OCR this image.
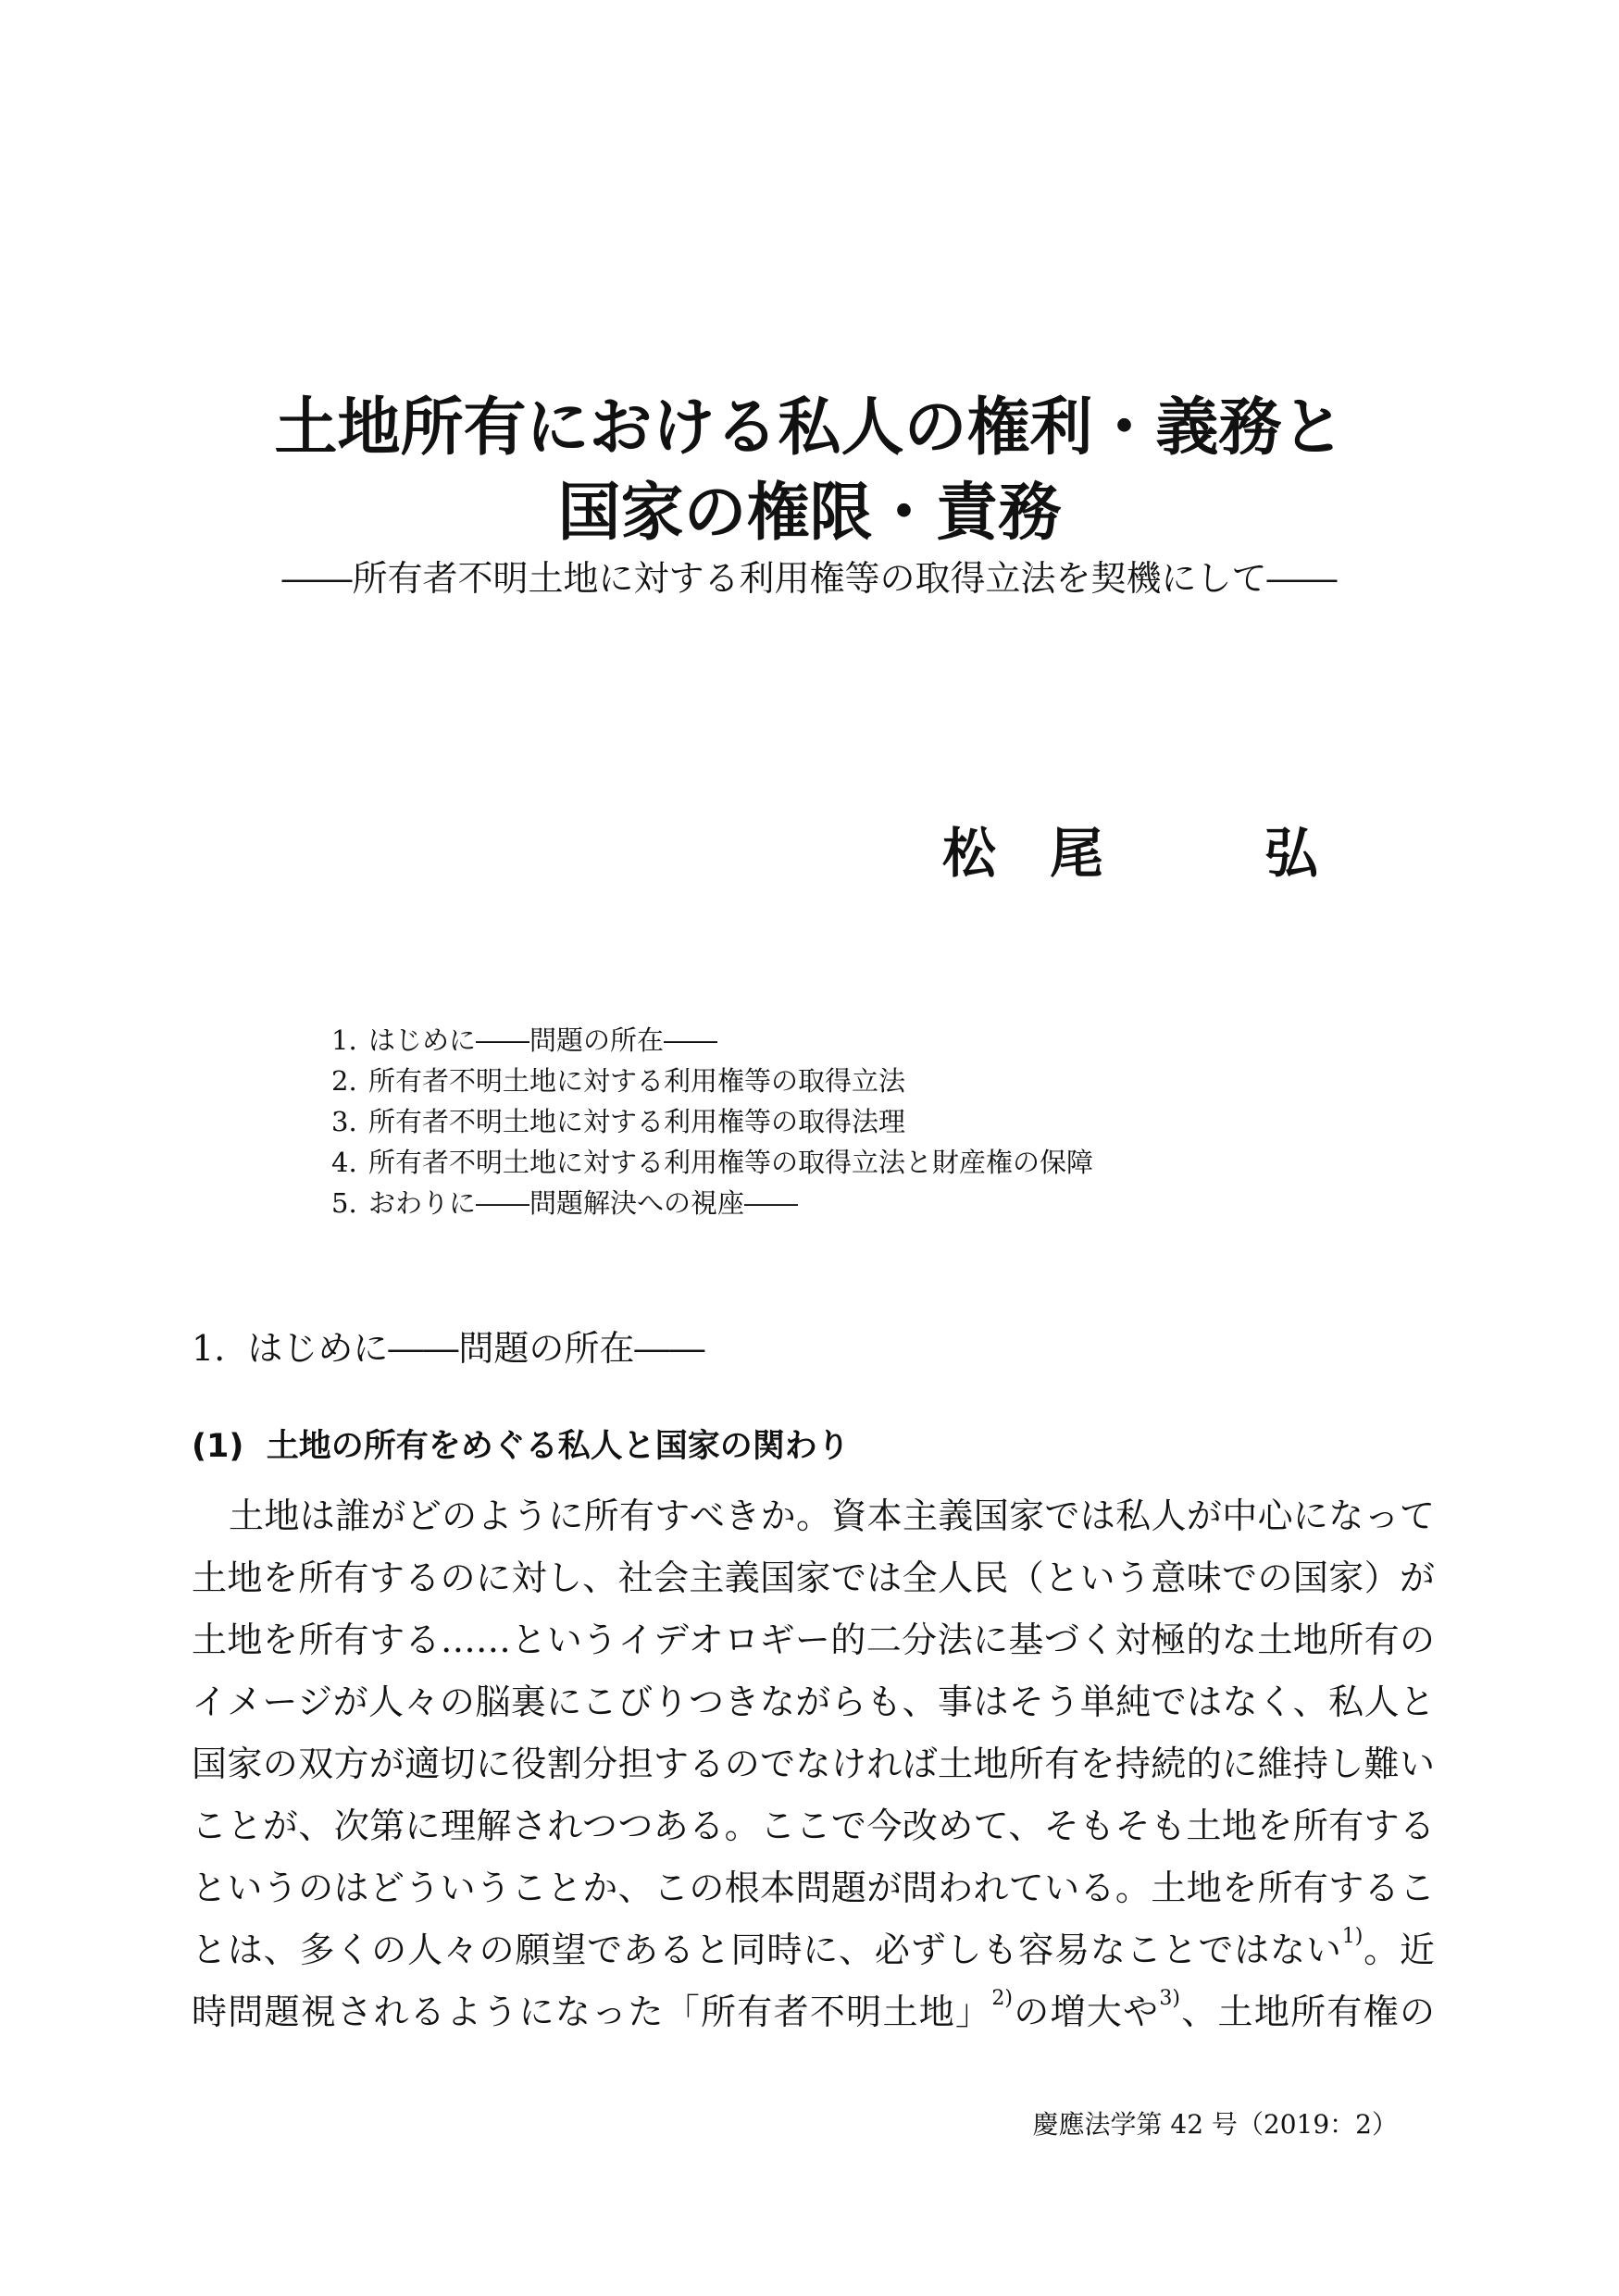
土地所有における私人の権利・義務と
国家の権限・責務
――所有者不明土地に対する利用権等の取得立法を契機にして――
松　尾　　　弘
1. はじめに――問題の所在――
2. 所有者不明土地に対する利用権等の取得立法
3. 所有者不明土地に対する利用権等の取得法理
4. 所有者不明土地に対する利用権等の取得立法と財産権の保障
5. おわりに――問題解決への視座――
1.  はじめに――問題の所在――
(1)  土地の所有をめぐる私人と国家の関わり
土地は誰がどのように所有すべきか。資本主義国家では私人が中心になって
土地を所有するのに対し、社会主義国家では全人民（という意味での国家）が
土地を所有する……というイデオロギー的二分法に基づく対極的な土地所有の
イメージが人々の脳裏にこびりつきながらも、事はそう単純ではなく、私人と
国家の双方が適切に役割分担するのでなければ土地所有を持続的に維持し難い
ことが、次第に理解されつつある。ここで今改めて、そもそも土地を所有する
というのはどういうことか、この根本問題が問われている。土地を所有するこ
とは、多くの人々の願望であると同時に、必ずしも容易なことではない$^{1)}$。近
時問題視されるようになった「所有者不明土地」$^{2)}$の増大や$^{3)}$、土地所有権の
慶應法学第 42 号（2019：2）
